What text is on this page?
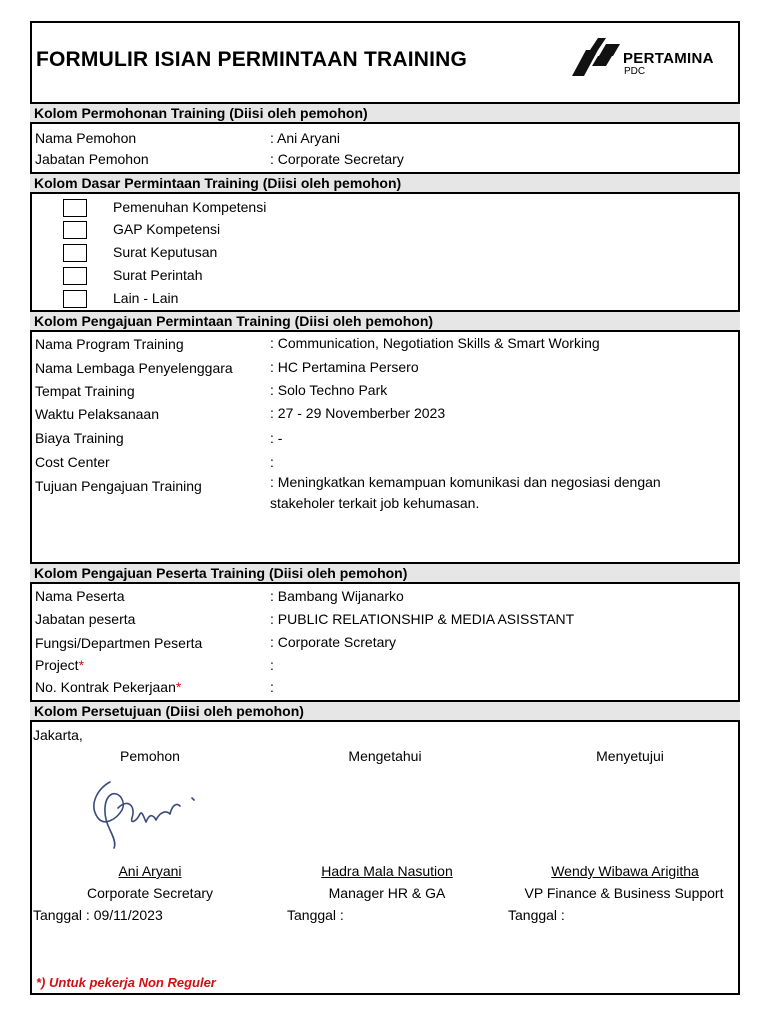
FORMULIR ISIAN PERMINTAAN TRAINING	PERTAMINA
PDC
Kolom Permohonan Training (Diisi oleh pemohon)
Nama Pemohon	: Ani Aryani
Jabatan Pemohon	: Corporate Secretary
Kolom Dasar Permintaan Training (Diisi oleh pemohon)
Pemenuhan Kompetensi
GAP Kompetensi
Surat Keputusan
Surat Perintah
Lain - Lain
Kolom Pengajuan Permintaan Training (Diisi oleh pemohon)
Nama Program Training	: Communication, Negotiation Skills & Smart Working
Nama Lembaga Penyelenggara	: HC Pertamina Persero
Tempat Training	: Solo Techno Park
Waktu Pelaksanaan	: 27 - 29 Novemberber 2023
Biaya Training	: -
Cost Center	:
Tujuan Pengajuan Training	: Meningkatkan kemampuan komunikasi dan negosiasi dengan stakeholer terkait job kehumasan.
Kolom Pengajuan Peserta Training (Diisi oleh pemohon)
Nama Peserta	: Bambang Wijanarko
Jabatan peserta	: PUBLIC RELATIONSHIP & MEDIA ASISSTANT
Fungsi/Departmen Peserta	: Corporate Scretary
Project*	:
No. Kontrak Pekerjaan*	:
Kolom Persetujuan (Diisi oleh pemohon)
Jakarta,
Pemohon	Mengetahui	Menyetujui
Ani Aryani	Hadra Mala Nasution	Wendy Wibawa Arigitha
Corporate Secretary	Manager HR & GA	VP Finance & Business Support
Tanggal : 09/11/2023	Tanggal :	Tanggal :
*) Untuk pekerja Non Reguler
